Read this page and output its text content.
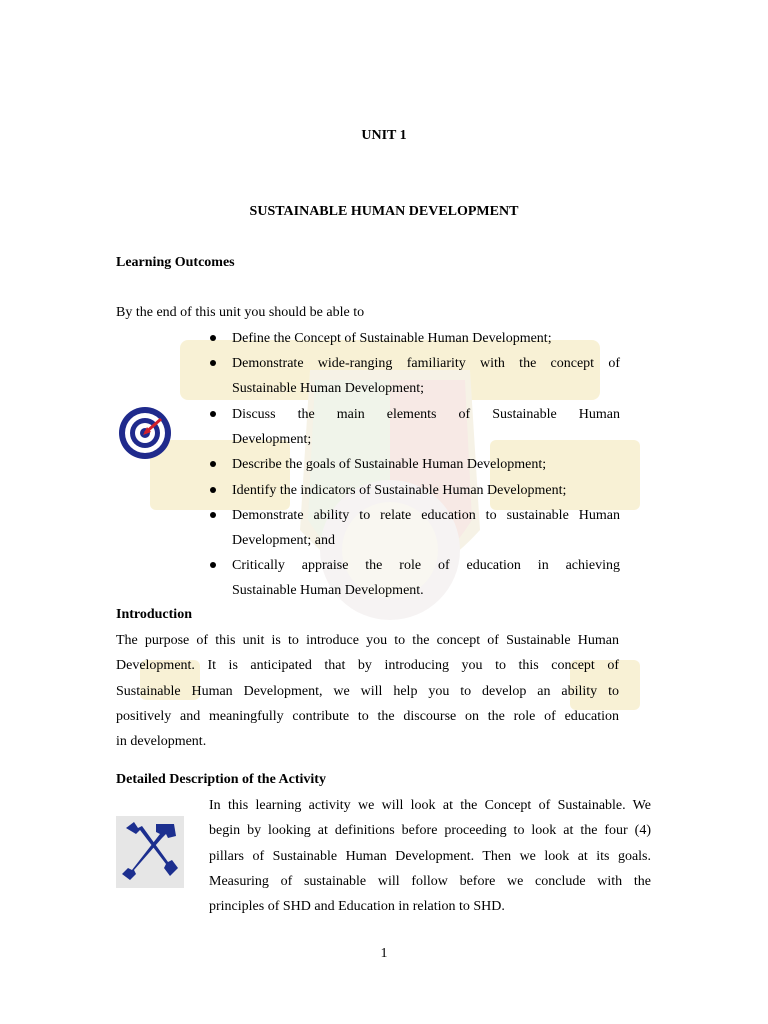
UNIT 1
SUSTAINABLE HUMAN DEVELOPMENT
Learning Outcomes
By the end of this unit you should be able to
Define the Concept of Sustainable Human Development;
Demonstrate wide-ranging familiarity with the concept of
Sustainable Human Development;
Discuss the main elements of Sustainable Human
Development;
Describe the goals of Sustainable Human Development;
Identify the indicators of Sustainable Human Development;
Demonstrate ability to relate education to sustainable Human
Development; and
Critically appraise the role of education in achieving
Sustainable Human Development.
Introduction
The purpose of this unit is to introduce you to the concept of Sustainable Human
Development. It is anticipated that by introducing you to this concept of
Sustainable Human Development, we will help you to develop an ability to
positively and meaningfully contribute to the discourse on the role of education
in development.
Detailed Description of the Activity
In this learning activity we will look at the Concept of Sustainable. We
begin by looking at definitions before proceeding to look at the four (4)
pillars of Sustainable Human Development. Then we look at its goals.
Measuring of sustainable will follow before we conclude with the
principles of SHD and Education in relation to SHD.
1
